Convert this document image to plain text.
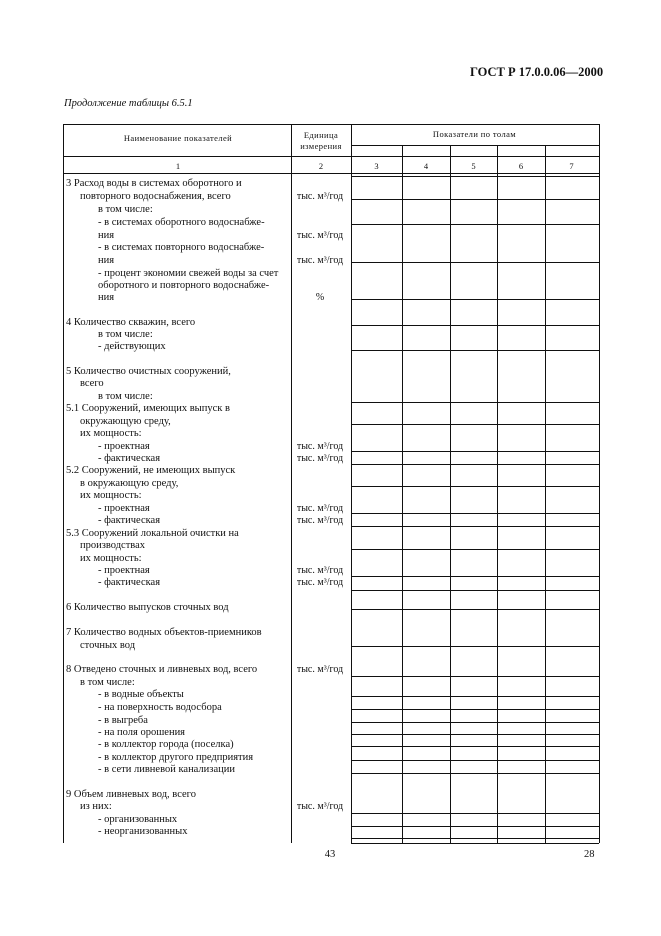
ГОСТ Р 17.0.0.06—2000
Продолжение таблицы 6.5.1
Наименование показателей	Единица
измерения
Показатели по толам
1	2	3	4	5	6	7
3 Расход воды в системах оборотного и
повторного водоснабжения, всего	тыс. м³/год
в том числе:
- в системах оборотного водоснабже-
ния	тыс. м³/год
- в системах повторного водоснабже-
ния	тыс. м³/год
- процент экономии свежей воды за счет
оборотного и повторного водоснабже-
ния	%
4 Количество скважин, всего
в том числе:
- действующих
5 Количество очистных сооружений,
всего
в том числе:
5.1 Сооружений, имеющих выпуск в
окружающую среду,
их мощность:
- проектная	тыс. м³/год
- фактическая	тыс. м³/год
5.2 Сооружений, не имеющих выпуск
в окружающую среду,
их мощность:
- проектная	тыс. м³/год
- фактическая	тыс. м³/год
5.3 Сооружений локальной очистки на
производствах
их мощность:
- проектная	тыс. м³/год
- фактическая	тыс. м³/год
6 Количество выпусков сточных вод
7 Количество водных объектов-приемников
сточных вод
8 Отведено сточных и ливневых вод, всего	тыс. м³/год
в том числе:
- в водные объекты
- на поверхность водосбора
- в выгреба
- на поля орошения
- в коллектор города (поселка)
- в коллектор другого предприятия
- в сети ливневой канализации
9 Объем ливневых вод, всего
из них:	тыс. м³/год
- организованных
- неорганизованных
43	28
